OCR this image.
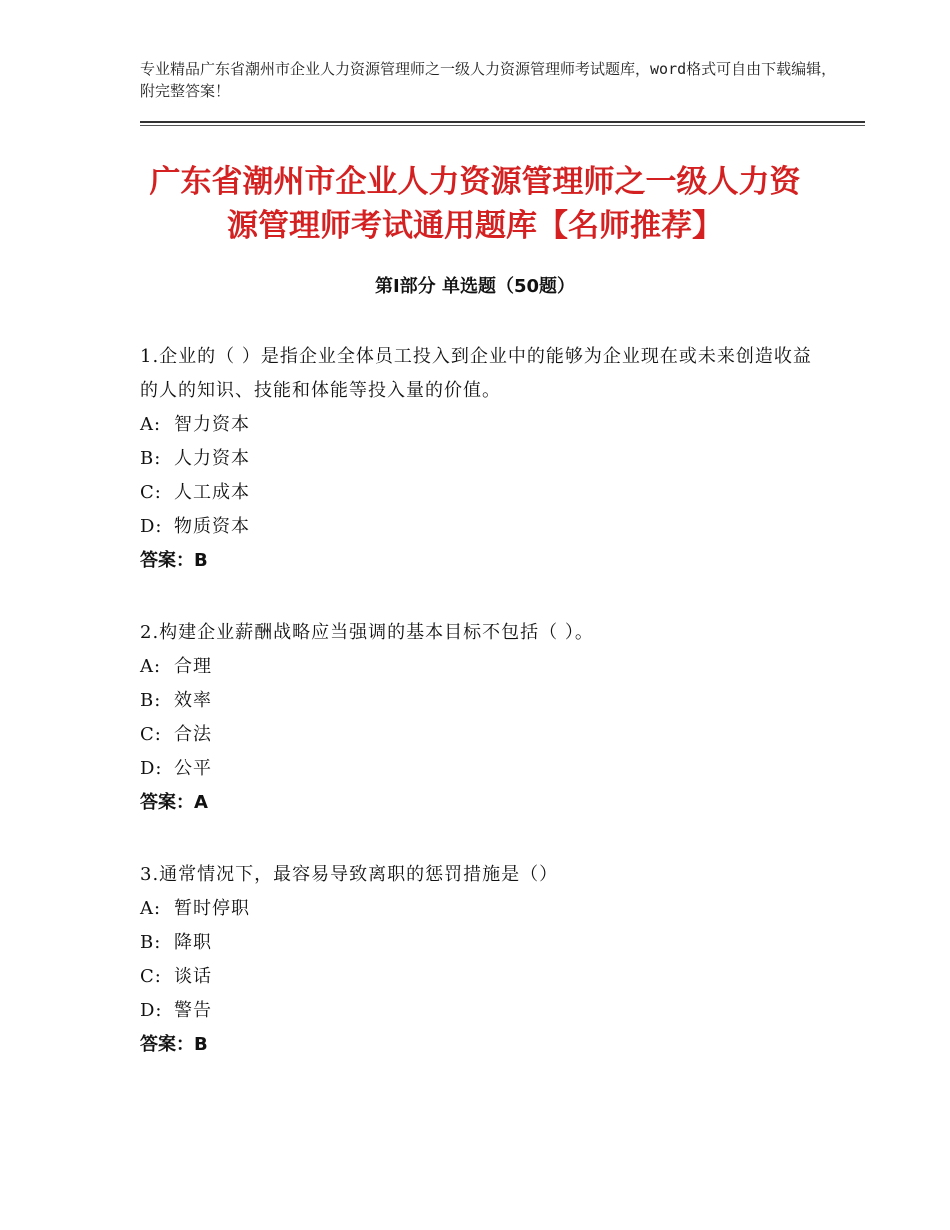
专业精品广东省潮州市企业人力资源管理师之一级人力资源管理师考试题库，word格式可自由下载编辑，附完整答案！
广东省潮州市企业人力资源管理师之一级人力资源管理师考试通用题库【名师推荐】
第Ⅰ部分 单选题（50题）

1.企业的（ ）是指企业全体员工投入到企业中的能够为企业现在或未来创造收益的人的知识、技能和体能等投入量的价值。

A: 智力资本

B: 人力资本

C: 人工成本

D: 物质资本

答案：B

2.构建企业薪酬战略应当强调的基本目标不包括（ ）。

A: 合理

B: 效率

C: 合法

D: 公平

答案：A

3.通常情况下，最容易导致离职的惩罚措施是（）

A: 暂时停职

B: 降职

C: 谈话

D: 警告

答案：B
